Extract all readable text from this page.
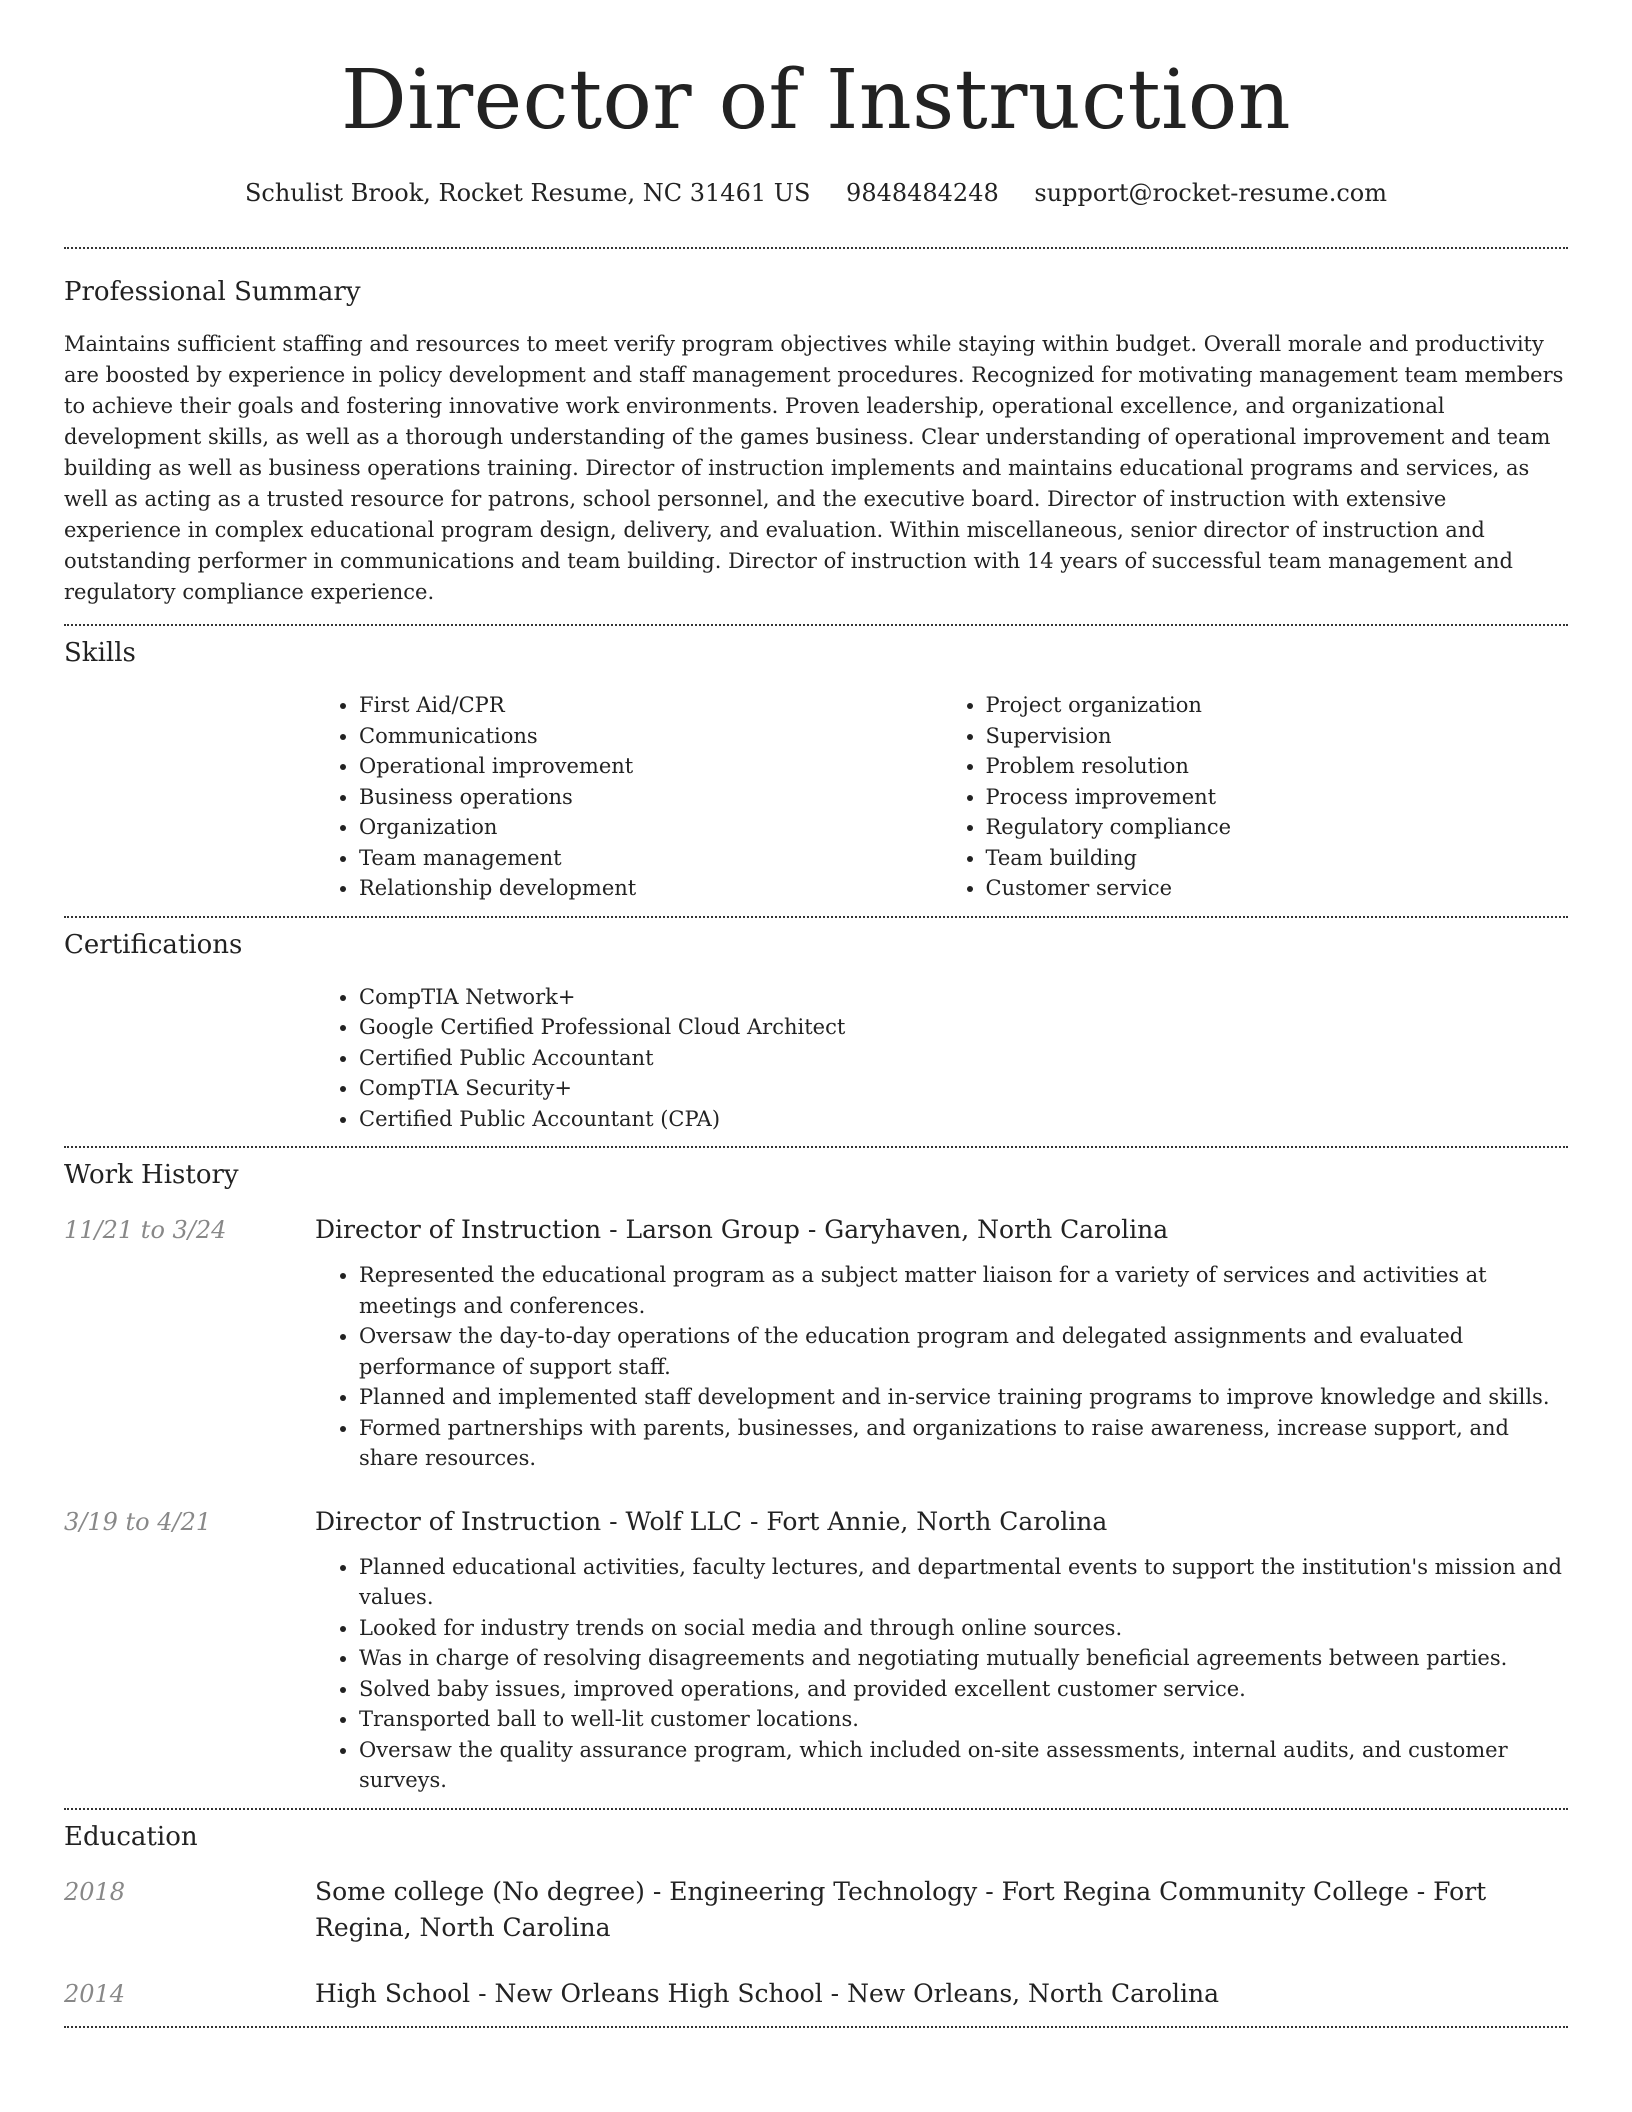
Director of Instruction
Schulist Brook, Rocket Resume, NC 31461 US 9848484248 support@rocket-resume.com
Professional Summary

Maintains sufficient staffing and resources to meet verify program objectives while staying within budget. Overall morale and productivity are boosted by experience in policy development and staff management procedures. Recognized for motivating management team members to achieve their goals and fostering innovative work environments. Proven leadership, operational excellence, and organizational development skills, as well as a thorough understanding of the games business. Clear understanding of operational improvement and team building as well as business operations training. Director of instruction implements and maintains educational programs and services, as well as acting as a trusted resource for patrons, school personnel, and the executive board. Director of instruction with extensive experience in complex educational program design, delivery, and evaluation. Within miscellaneous, senior director of instruction and outstanding performer in communications and team building. Director of instruction with 14 years of successful team management and regulatory compliance experience.

Skills
• First Aid/CPR
• Communications
• Operational improvement
• Business operations
• Organization
• Team management
• Relationship development
• Project organization
• Supervision
• Problem resolution
• Process improvement
• Regulatory compliance
• Team building
• Customer service
Certifications
• CompTIA Network+
• Google Certified Professional Cloud Architect
• Certified Public Accountant
• CompTIA Security+
• Certified Public Accountant (CPA)
Work History
11/21 to 3/24	Director of Instruction - Larson Group - Garyhaven, North Carolina
• Represented the educational program as a subject matter liaison for a variety of services and activities at meetings and conferences.
• Oversaw the day-to-day operations of the education program and delegated assignments and evaluated performance of support staff.
• Planned and implemented staff development and in-service training programs to improve knowledge and skills.
• Formed partnerships with parents, businesses, and organizations to raise awareness, increase support, and share resources.
3/19 to 4/21	Director of Instruction - Wolf LLC - Fort Annie, North Carolina
• Planned educational activities, faculty lectures, and departmental events to support the institution's mission and values.
• Looked for industry trends on social media and through online sources.
• Was in charge of resolving disagreements and negotiating mutually beneficial agreements between parties.
• Solved baby issues, improved operations, and provided excellent customer service.
• Transported ball to well-lit customer locations.
• Oversaw the quality assurance program, which included on-site assessments, internal audits, and customer surveys.
Education
2018	Some college (No degree) - Engineering Technology - Fort Regina Community College - Fort Regina, North Carolina
2014	High School - New Orleans High School - New Orleans, North Carolina
